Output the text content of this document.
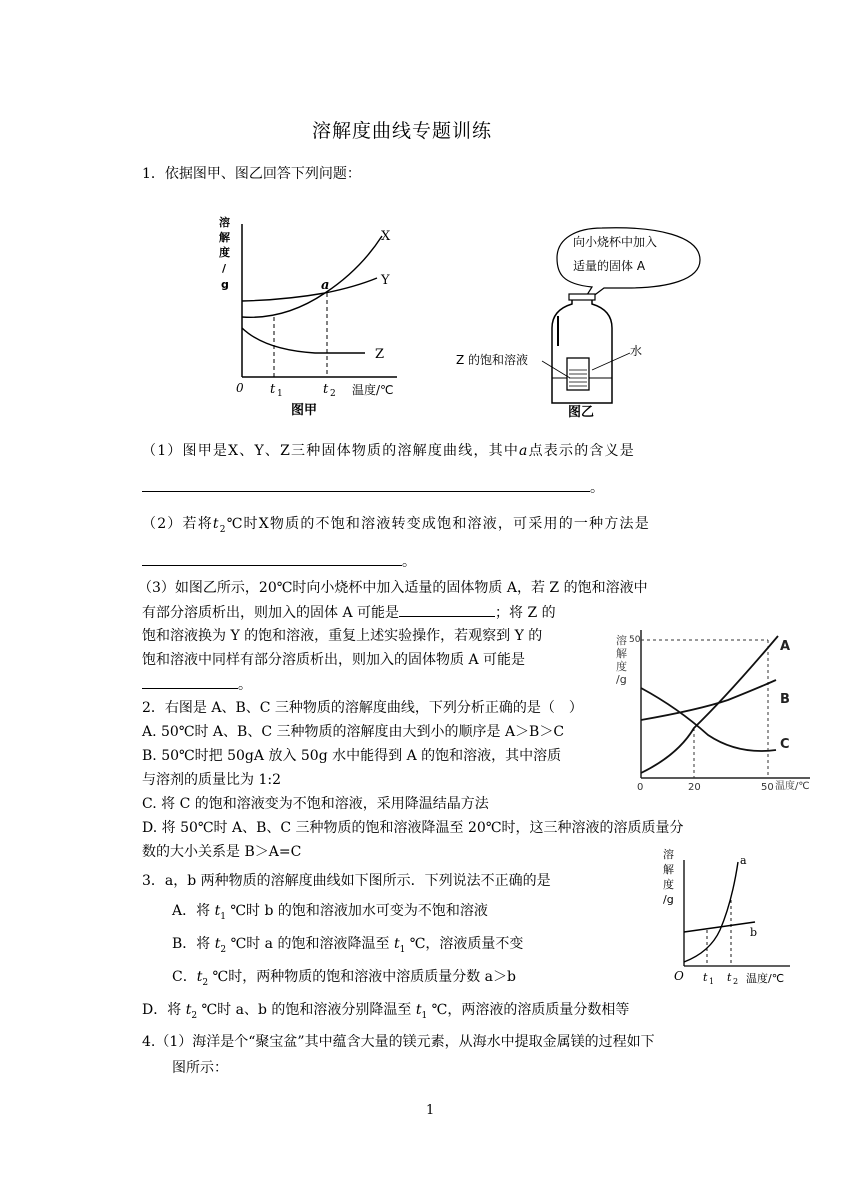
溶解度曲线专题训练
1．依据图甲、图乙回答下列问题：
溶
解
度
/
g	a
X
Y
Z
0 t 1	t 2 温度/℃
图甲
向小烧杯中加入
适量的固体 A
Z 的饱和溶液
水
图乙
（1）图甲是X、Y、Z三种固体物质的溶解度曲线，其中a点表示的含义是
。
（2）若将$t_2℃$时X物质的不饱和溶液转变成饱和溶液，可采用的一种方法是
。
（3）如图乙所示，20℃时向小烧杯中加入适量的固体物质 A，若 Z 的饱和溶液中
有部分溶质析出，则加入的固体 A 可能是	；将 Z 的
饱和溶液换为 Y 的饱和溶液，重复上述实验操作，若观察到 Y 的
饱和溶液中同样有部分溶质析出，则加入的固体物质 A 可能是
。
2．右图是 A、B、C 三种物质的溶解度曲线，下列分析正确的是（　）
A. 50℃时 A、B、C 三种物质的溶解度由大到小的顺序是 A＞B＞C
B. 50℃时把 50gA 放入 50g 水中能得到 A 的饱和溶液，其中溶质
与溶剂的质量比为 1:2
C. 将 C 的饱和溶液变为不饱和溶液，采用降温结晶方法
D. 将 50℃时 A、B、C 三种物质的饱和溶液降温至 20℃时，这三种溶液的溶质质量分
数的大小关系是 B＞A=C
溶
解
度
/g
50
0	20	50 温度/℃
A
B
C
3．a，b 两种物质的溶解度曲线如下图所示．下列说法不正确的是
A．将 $t_1$ ℃时 b 的饱和溶液加水可变为不饱和溶液
B．将 $t_2$ ℃时 a 的饱和溶液降温至 $t_1$ ℃，溶液质量不变
C．$t_2$ ℃时，两种物质的饱和溶液中溶质质量分数 a＞b
D．将 $t_2$ ℃时 a、b 的饱和溶液分别降温至 $t_1$ ℃，两溶液的溶质质量分数相等
溶
解
度
/g
a
b
O t 1 t 2 温度/℃
4.（1）海洋是个“聚宝盆”其中蕴含大量的镁元素，从海水中提取金属镁的过程如下
图所示：
1
